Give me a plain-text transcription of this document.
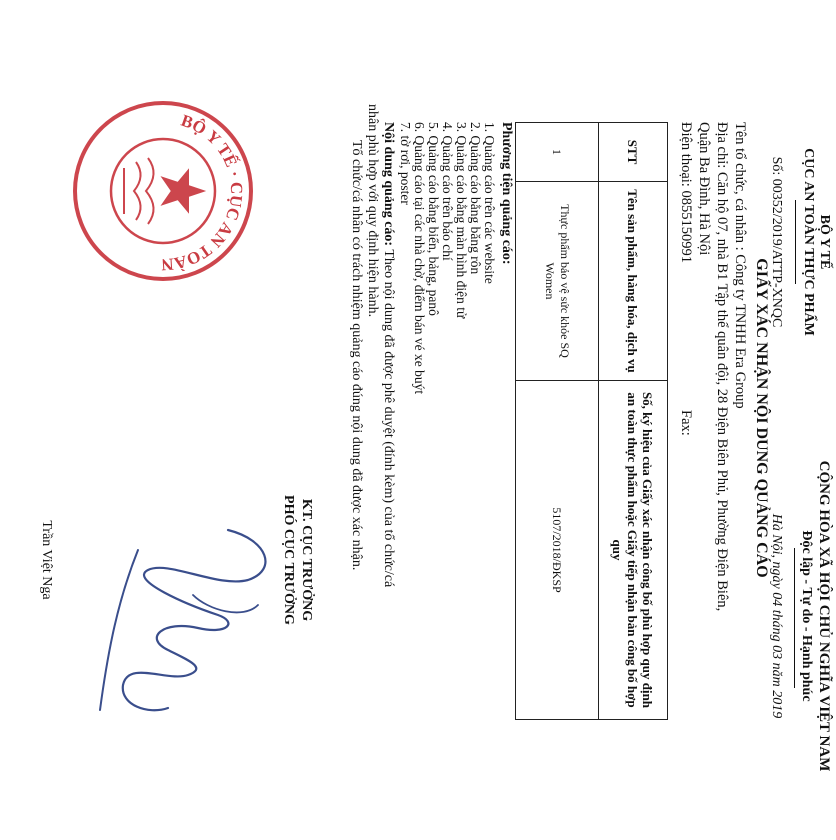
BỘ Y TẾ
CỤC AN TOÀN THỰC PHẨM
Số: 00352/2019/ATTP-XNQC
CỘNG HÒA XÃ HỘI CHỦ NGHĨA VIỆT NAM
Độc lập - Tự do - Hạnh phúc
Hà Nội, ngày 04 tháng 03 năm 2019
GIẤY XÁC NHẬN NỘI DUNG QUẢNG CÁO
STT	Tên sản phẩm, hàng hóa, dịch vụ	Số, ký hiệu của Giấy xác nhận công bố phù hợp quy định an toàn thực phẩm hoặc Giấy tiếp nhận bản công bố hợp quy
1	Thực phẩm bảo vệ sức khỏe SQ Women	5107/2018/ĐKSP
Phương tiện quảng cáo:
1. Quảng cáo trên các website
2. Quảng cáo bằng băng rôn
3. Quảng cáo bằng màn hình điện tử
4. Quảng cáo trên báo chí
5. Quảng cáo bằng biển, bảng, panô
6. Quảng cáo tại các nhà chờ, điểm bán vé xe buýt
7. tờ rơi, poster
Nội dung quảng cáo: Theo nội dung đã được phê duyệt (đính kèm) của tổ chức/cá
nhân phù hợp với quy định hiện hành.
Tổ chức/cá nhân có trách nhiệm quảng cáo đúng nội dung đã được xác nhận.
KT. CỤC TRƯỞNG
PHÓ CỤC TRƯỞNG
Trần Việt Nga
BỘ Y TẾ · CỤC AN TOÀN	Tên tổ chức, cá nhân : Công ty TNHH Era Group
Địa chỉ: Căn hộ 07, nhà B1 Tập thể quân đội, 28 Điện Biên Phủ, Phường Điện Biên,
Quận Ba Đình, Hà Nội
Điện thoại: 0855150991
Fax:
